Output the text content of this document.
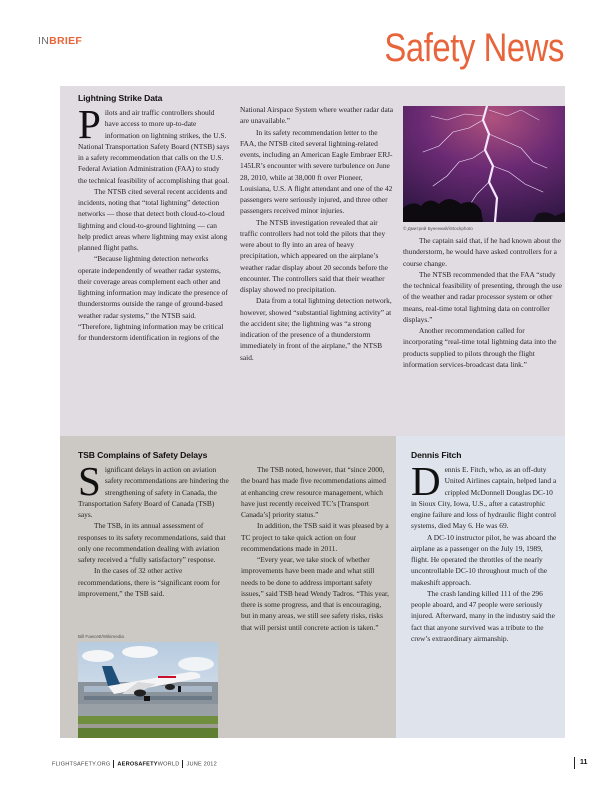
INBRIEF	Safety News
Lightning Strike Data

Pilots and air traffic controllers should have access to more up-to-date information on lightning strikes, the U.S. National Transportation Safety Board (NTSB) says in a safety recommendation that calls on the U.S. Federal Aviation Administration (FAA) to study the technical feasibility of accomplishing that goal.

The NTSB cited several recent accidents and incidents, noting that “total lightning” detection networks — those that detect both cloud-to-cloud lightning and cloud-to-ground lightning — can help predict areas where lightning may exist along planned flight paths.

“Because lightning detection networks operate independently of weather radar systems, their coverage areas complement each other and lightning information may indicate the presence of thunderstorms outside the range of ground-based weather radar systems,” the NTSB said. “Therefore, lightning information may be critical for thunderstorm identification in regions of the

National Airspace System where weather radar data are unavailable.”

In its safety recommendation letter to the FAA, the NTSB cited several lightning-related events, including an American Eagle Embraer ERJ-145LR’s encounter with severe turbulence on June 28, 2010, while at 38,000 ft over Pioneer, Louisiana, U.S. A flight attendant and one of the 42 passengers were seriously injured, and three other passengers received minor injuries.

The NTSB investigation revealed that air traffic controllers had not told the pilots that they were about to fly into an area of heavy precipitation, which appeared on the airplane’s weather radar display about 20 seconds before the encounter. The controllers said that their weather display showed no precipitation.

Data from a total lightning detection network, however, showed “substantial lightning activity” at the accident site; the lightning was “a strong indication of the presence of a thunderstorm immediately in front of the airplane,” the NTSB said.

© Дмитрий Буненкий/iStockphoto

The captain said that, if he had known about the thunderstorm, he would have asked controllers for a course change.

The NTSB recommended that the FAA “study the technical feasibility of presenting, through the use of the weather and radar processor system or other means, real-time total lightning data on controller displays.”

Another recommendation called for incorporating “real-time total lightning data into the products supplied to pilots through the flight information services-broadcast data link.”

TSB Complains of Safety Delays

Significant delays in action on aviation safety recommendations are hindering the strengthening of safety in Canada, the Transportation Safety Board of Canada (TSB) says.

The TSB, in its annual assessment of responses to its safety recommendations, said that only one recommendation dealing with aviation safety received a “fully satisfactory” response.

In the cases of 32 other active recommendations, there is “significant room for improvement,” the TSB said.

Bill Fawcett/Wikimedia

The TSB noted, however, that “since 2000, the board has made five recommendations aimed at enhancing crew resource management, which have just recently received TC’s [Transport Canada’s] priority status.”

In addition, the TSB said it was pleased by a TC project to take quick action on four recommendations made in 2011.

“Every year, we take stock of whether improvements have been made and what still needs to be done to address important safety issues,” said TSB head Wendy Tadros. “This year, there is some progress, and that is encouraging, but in many areas, we still see safety risks, risks that will persist until concrete action is taken.”

Dennis Fitch

Dennis E. Fitch, who, as an off-duty United Airlines captain, helped land a crippled McDonnell Douglas DC-10 in Sioux City, Iowa, U.S., after a catastrophic engine failure and loss of hydraulic flight control systems, died May 6. He was 69.

A DC-10 instructor pilot, he was aboard the airplane as a passenger on the July 19, 1989, flight. He operated the throttles of the nearly uncontrollable DC-10 throughout much of the makeshift approach.

The crash landing killed 111 of the 296 people aboard, and 47 people were seriously injured. Afterward, many in the industry said the fact that anyone survived was a tribute to the crew’s extraordinary airmanship.

FLIGHTSAFETY.ORG AEROSAFETYWORLD JUNE 2012	11
